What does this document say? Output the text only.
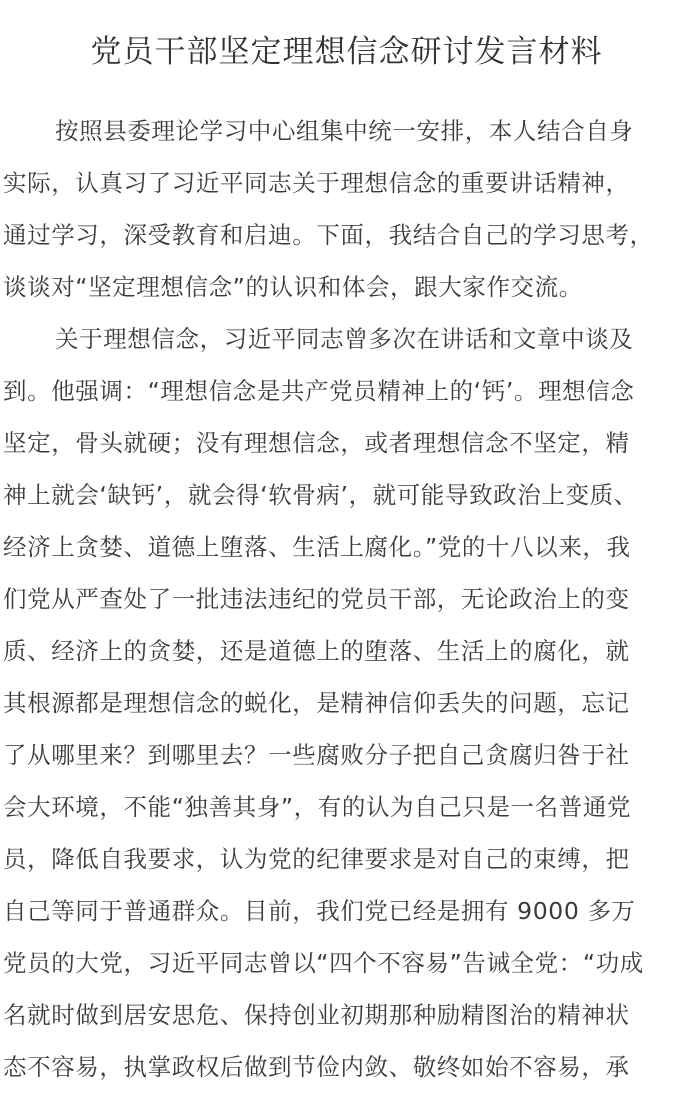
党员干部坚定理想信念研讨发言材料
按照县委理论学习中心组集中统一安排，本人结合自身
实际，认真习了习近平同志关于理想信念的重要讲话精神，
通过学习，深受教育和启迪。下面，我结合自己的学习思考，
谈谈对“坚定理想信念”的认识和体会，跟大家作交流。
关于理想信念，习近平同志曾多次在讲话和文章中谈及
到。他强调：“理想信念是共产党员精神上的‘钙’。理想信念
坚定，骨头就硬；没有理想信念，或者理想信念不坚定，精
神上就会‘缺钙’，就会得‘软骨病’，就可能导致政治上变质、
经济上贪婪、道德上堕落、生活上腐化。”党的十八以来，我
们党从严查处了一批违法违纪的党员干部，无论政治上的变
质、经济上的贪婪，还是道德上的堕落、生活上的腐化，就
其根源都是理想信念的蜕化，是精神信仰丢失的问题，忘记
了从哪里来？到哪里去？一些腐败分子把自己贪腐归咎于社
会大环境，不能“独善其身”，有的认为自己只是一名普通党
员，降低自我要求，认为党的纪律要求是对自己的束缚，把
自己等同于普通群众。目前，我们党已经是拥有 9000 多万
党员的大党，习近平同志曾以“四个不容易”告诫全党：“功成
名就时做到居安思危、保持创业初期那种励精图治的精神状
态不容易，执掌政权后做到节俭内敛、敬终如始不容易，承
